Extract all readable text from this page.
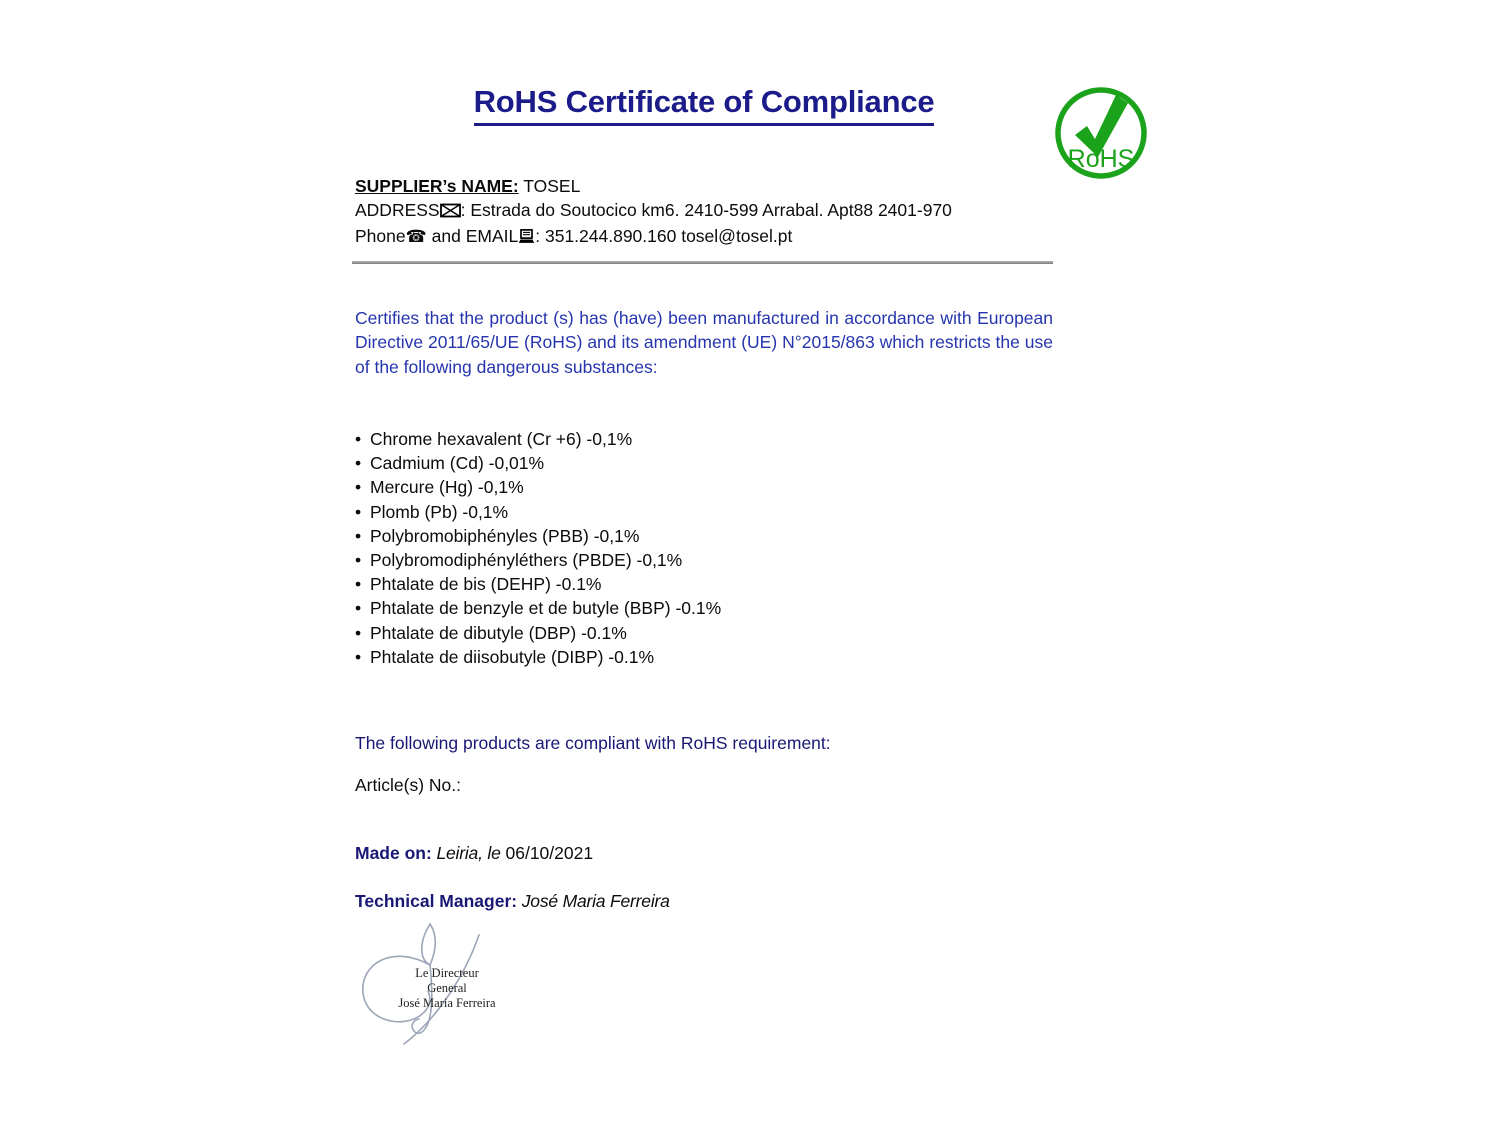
RoHS Certificate of Compliance
RoHS
SUPPLIER’s NAME: TOSEL
ADDRESS : Estrada do Soutocico km6. 2410-599 Arrabal. Apt88 2401-970
Phone☎ and EMAIL : 351.244.890.160 tosel@tosel.pt

Certifies that the product (s) has (have) been manufactured in accordance with European Directive 2011/65/UE (RoHS) and its amendment (UE) N°2015/863 which restricts the use of the following dangerous substances:

• Chrome hexavalent (Cr +6) -0,1%
• Cadmium (Cd) -0,01%
• Mercure (Hg) -0,1%
• Plomb (Pb) -0,1%
• Polybromobiphényles (PBB) -0,1%
• Polybromodiphényléthers (PBDE) -0,1%
• Phtalate de bis (DEHP) -0.1%
• Phtalate de benzyle et de butyle (BBP) -0.1%
• Phtalate de dibutyle (DBP) -0.1%
• Phtalate de diisobutyle (DIBP) -0.1%

The following products are compliant with RoHS requirement:

Article(s) No.:

Made on: Leiria, le 06/10/2021

Technical Manager: José Maria Ferreira

Le Directeur General
José Maria Ferreira
